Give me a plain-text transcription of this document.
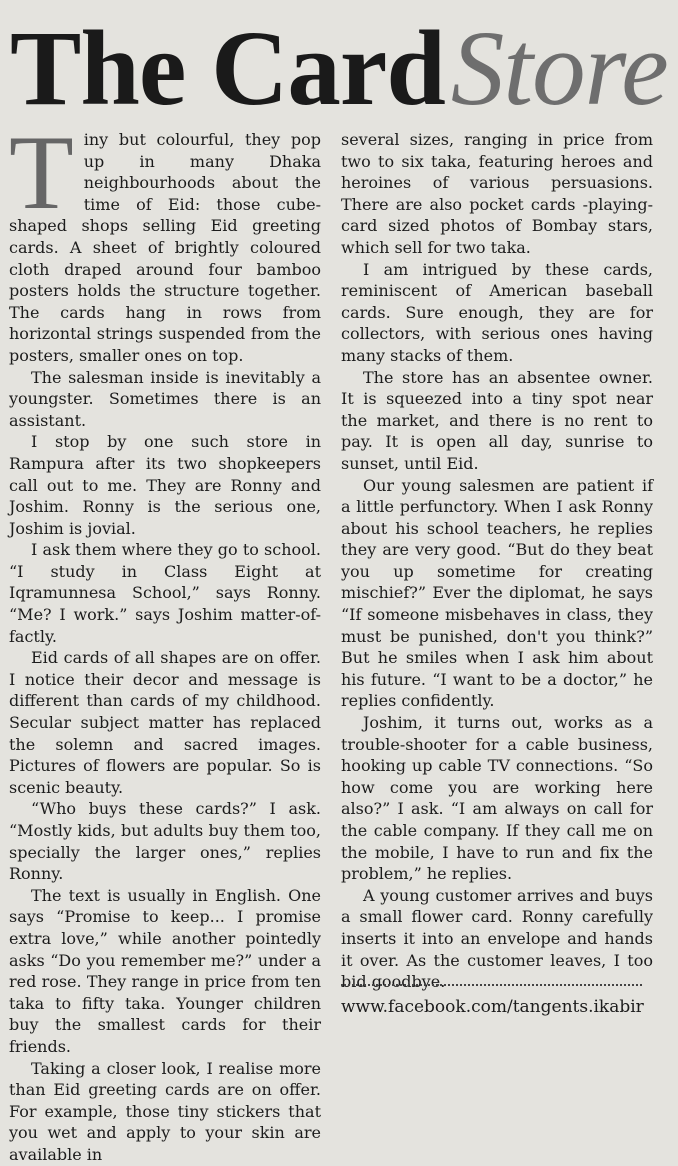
The CardStore

Tiny but colourful, they pop up in many Dhaka neighbourhoods about the time of Eid: those cube-shaped shops selling Eid greeting cards. A sheet of brightly coloured cloth draped around four bamboo posters holds the structure together. The cards hang in rows from horizontal strings suspended from the posters, smaller ones on top.

The salesman inside is inevitably a youngster. Sometimes there is an assistant.

I stop by one such store in Rampura after its two shopkeepers call out to me. They are Ronny and Joshim. Ronny is the serious one, Joshim is jovial.

I ask them where they go to school. “I study in Class Eight at Iqramunnesa School,” says Ronny. “Me? I work.” says Joshim matter-of-factly.

Eid cards of all shapes are on offer. I notice their decor and message is different than cards of my childhood. Secular subject matter has replaced the solemn and sacred images. Pictures of flowers are popular. So is scenic beauty.

“Who buys these cards?” I ask. “Mostly kids, but adults buy them too, specially the larger ones,” replies Ronny.

The text is usually in English. One says “Promise to keep... I promise extra love,” while another pointedly asks “Do you remember me?” under a red rose. They range in price from ten taka to fifty taka. Younger children buy the smallest cards for their friends.

Taking a closer look, I realise more than Eid greeting cards are on offer. For example, those tiny stickers that you wet and apply to your skin are available in

several sizes, ranging in price from two to six taka, featuring heroes and heroines of various persuasions. There are also pocket cards -playing-card sized photos of Bombay stars, which sell for two taka.

I am intrigued by these cards, reminiscent of American baseball cards. Sure enough, they are for collectors, with serious ones having many stacks of them.

The store has an absentee owner. It is squeezed into a tiny spot near the market, and there is no rent to pay. It is open all day, sunrise to sunset, until Eid.

Our young salesmen are patient if a little perfunctory. When I ask Ronny about his school teachers, he replies they are very good. “But do they beat you up sometime for creating mischief?” Ever the diplomat, he says “If someone misbehaves in class, they must be punished, don't you think?” But he smiles when I ask him about his future. “I want to be a doctor,” he replies confidently.

Joshim, it turns out, works as a trouble-shooter for a cable business, hooking up cable TV connections. “So how come you are working here also?” I ask. “I am always on call for the cable company. If they call me on the mobile, I have to run and fix the problem,” he replies.

A young customer arrives and buys a small flower card. Ronny carefully inserts it into an envelope and hands it over. As the customer leaves, I too bid goodbye.

www.facebook.com/tangents.ikabir
